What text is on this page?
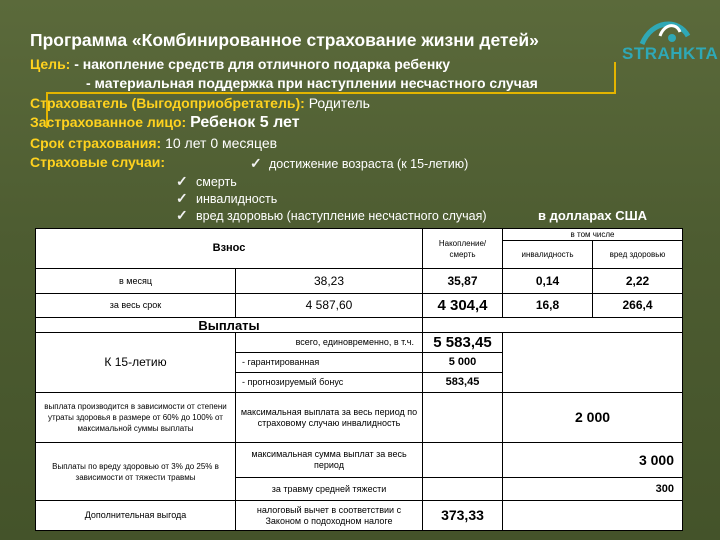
Программа «Комбинированное страхование жизни детей»
STRAHKTA
Цель: - накопление средств для отличного подарка ребенку
- материальная поддержка при наступлении несчастного случая
Страхователь (Выгодоприобретатель): Родитель
Застрахованное лицо: Ребенок 5 лет
Срок страхования: 10 лет 0 месяцев
Страховые случаи:	✓ достижение возраста (к 15-летию)
✓ смерть
✓ инвалидность
✓ вред здоровью (наступление несчастного случая)	в долларах США
Взнос		Накопление/ смерть	в том числе	
			инвалидность	вред здоровью
в месяц	38,23	35,87	0,14	2,22
за весь срок	4 587,60	4 304,4	16,8	266,4
Выплаты				
К 15-летию	всего, единовременно, в т.ч.	5 583,45		
	- гарантированная	5 000		
	- прогнозируемый бонус	583,45		
выплата производится в зависимости от степени утраты здоровья в размере от 60% до 100% от максимальной суммы выплаты	максимальная выплата за весь период по страховому случаю инвалидность		2 000	
Выплаты по вреду здоровью от 3% до 25% в зависимости от тяжести травмы	максимальная сумма выплат за весь период		3 000	
	за травму средней тяжести		300	
Дополнительная выгода	налоговый вычет в соответствии с Законом о подоходном налоге	373,33		
